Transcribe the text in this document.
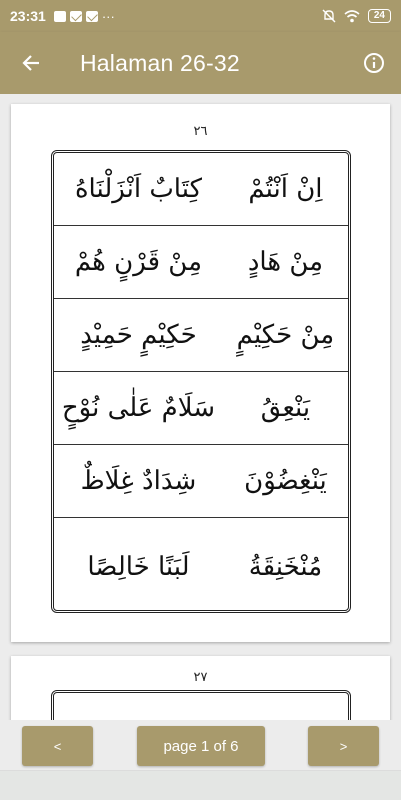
23:31	···	24
Halaman 26-32
٢٦
كِتَابٌ اَنْزَلْنَاهُ	اِنْ اَنْتُمْ
مِنْ قَرْنٍ هُمْ	مِنْ هَادٍ
حَكِيْمٍ حَمِيْدٍ	مِنْ حَكِيْمٍ
سَلَامٌ عَلٰى نُوْحٍ	يَنْعِقُ
شِدَادٌ غِلَاظٌ	يَنْغِضُوْنَ
لَبَنًا خَالِصًا	مُنْخَنِقَةُ
٢٧
<	page 1 of 6	>
